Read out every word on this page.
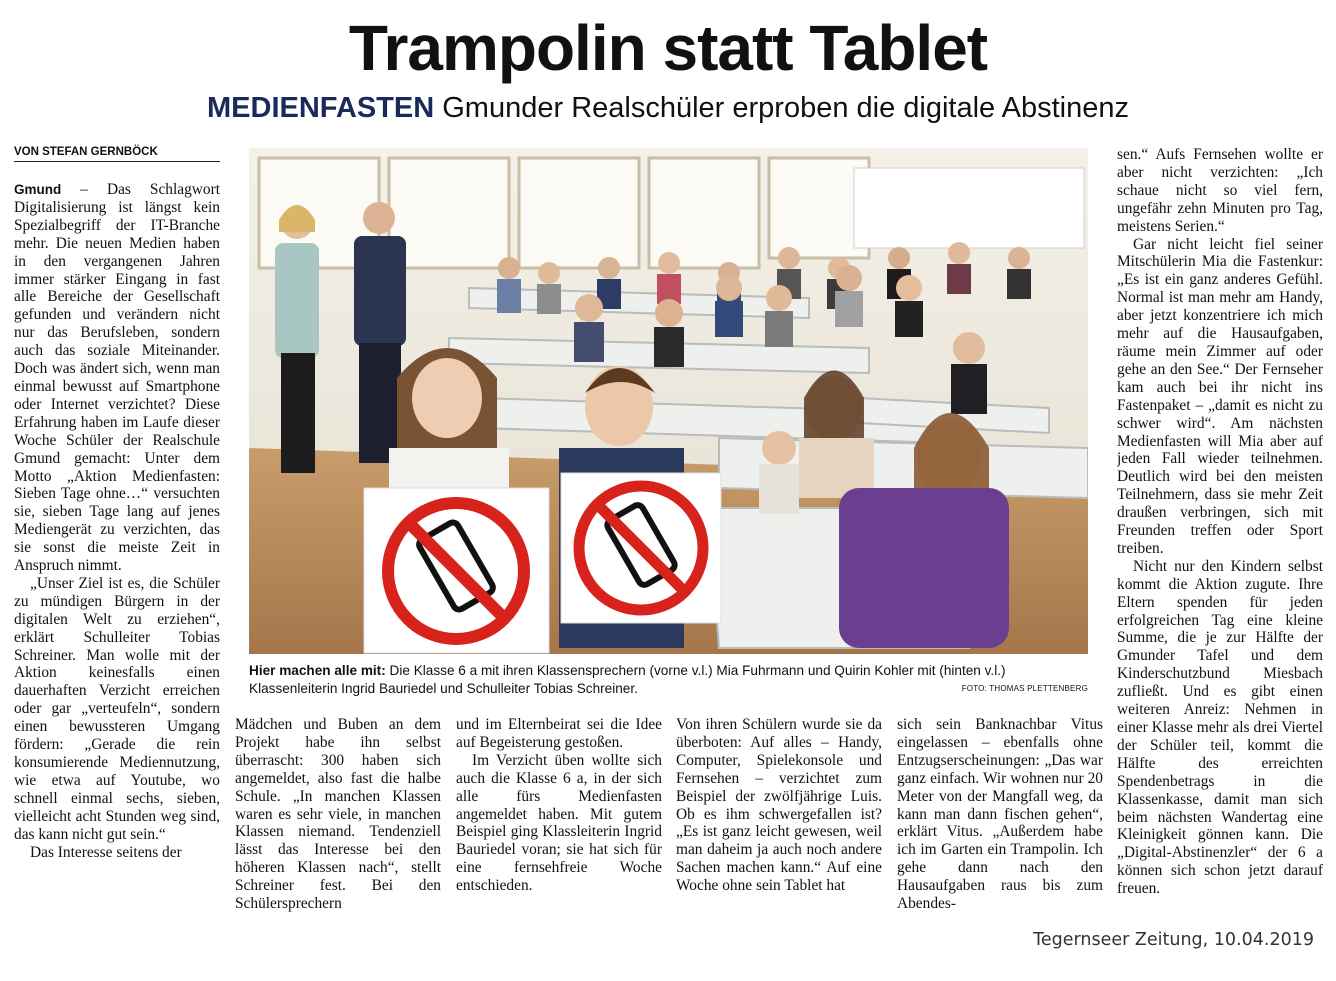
Trampolin statt Tablet
MEDIENFASTEN Gmunder Realschüler erproben die digitale Abstinenz
VON STEFAN GERNBÖCK

Gmund – Das Schlagwort Digitalisierung ist längst kein Spezialbegriff der IT-Branche mehr. Die neuen Medien haben in den vergangenen Jahren immer stärker Eingang in fast alle Bereiche der Gesellschaft gefunden und verändern nicht nur das Berufsleben, sondern auch das soziale Miteinander. Doch was ändert sich, wenn man einmal bewusst auf Smartphone oder Internet verzichtet? Diese Erfahrung haben im Laufe dieser Woche Schüler der Realschule Gmund gemacht: Unter dem Motto „Aktion Medienfasten: Sieben Tage ohne…“ versuchten sie, sieben Tage lang auf jenes Mediengerät zu verzichten, das sie sonst die meiste Zeit in Anspruch nimmt.

„Unser Ziel ist es, die Schüler zu mündigen Bürgern in der digitalen Welt zu erziehen“, erklärt Schulleiter Tobias Schreiner. Man wolle mit der Aktion keinesfalls einen dauerhaften Verzicht erreichen oder gar „verteufeln“, sondern einen bewussteren Umgang fördern: „Gerade die rein konsumierende Mediennutzung, wie etwa auf Youtube, wo schnell einmal sechs, sieben, vielleicht acht Stunden weg sind, das kann nicht gut sein.“

Das Interesse seitens der

Hier machen alle mit: Die Klasse 6 a mit ihren Klassensprechern (vorne v.l.) Mia Fuhrmann und Quirin Kohler mit (hinten v.l.) Klassenleiterin Ingrid Bauriedel und Schulleiter Tobias Schreiner.	FOTO: THOMAS PLETTENBERG
Mädchen und Buben an dem Projekt habe ihn selbst überrascht: 300 haben sich angemeldet, also fast die halbe Schule. „In manchen Klassen waren es sehr viele, in manchen Klassen niemand. Tendenziell lässt das Interesse bei den höheren Klassen nach“, stellt Schreiner fest. Bei den Schülersprechern

und im Elternbeirat sei die Idee auf Begeisterung gestoßen.

Im Verzicht üben wollte sich auch die Klasse 6 a, in der sich alle fürs Medienfasten angemeldet haben. Mit gutem Beispiel ging Klassleiterin Ingrid Bauriedel voran; sie hat sich für eine fernsehfreie Woche entschieden.

Von ihren Schülern wurde sie da überboten: Auf alles – Handy, Computer, Spielekonsole und Fernsehen – verzichtet zum Beispiel der zwölfjährige Luis. Ob es ihm schwergefallen ist? „Es ist ganz leicht gewesen, weil man daheim ja auch noch andere Sachen machen kann.“ Auf eine Woche ohne sein Tablet hat
sich sein Banknachbar Vitus eingelassen – ebenfalls ohne Entzugserscheinungen: „Das war ganz einfach. Wir wohnen nur 20 Meter von der Mangfall weg, da kann man dann fischen gehen“, erklärt Vitus. „Außerdem habe ich im Garten ein Trampolin. Ich gehe dann nach den Hausaufgaben raus bis zum Abendes-

sen.“ Aufs Fernsehen wollte er aber nicht verzichten: „Ich schaue nicht so viel fern, ungefähr zehn Minuten pro Tag, meistens Serien.“

Gar nicht leicht fiel seiner Mitschülerin Mia die Fastenkur: „Es ist ein ganz anderes Gefühl. Normal ist man mehr am Handy, aber jetzt konzentriere ich mich mehr auf die Hausaufgaben, räume mein Zimmer auf oder gehe an den See.“ Der Fernseher kam auch bei ihr nicht ins Fastenpaket – „damit es nicht zu schwer wird“. Am nächsten Medienfasten will Mia aber auf jeden Fall wieder teilnehmen. Deutlich wird bei den meisten Teilnehmern, dass sie mehr Zeit draußen verbringen, sich mit Freunden treffen oder Sport treiben.

Nicht nur den Kindern selbst kommt die Aktion zugute. Ihre Eltern spenden für jeden erfolgreichen Tag eine kleine Summe, die je zur Hälfte der Gmunder Tafel und dem Kinderschutzbund Miesbach zufließt. Und es gibt einen weiteren Anreiz: Nehmen in einer Klasse mehr als drei Viertel der Schüler teil, kommt die Hälfte des erreichten Spendenbetrags in die Klassenkasse, damit man sich beim nächsten Wandertag eine Kleinigkeit gönnen kann. Die „Digital-Abstinenzler“ der 6 a können sich schon jetzt darauf freuen.

Tegernseer Zeitung, 10.04.2019
